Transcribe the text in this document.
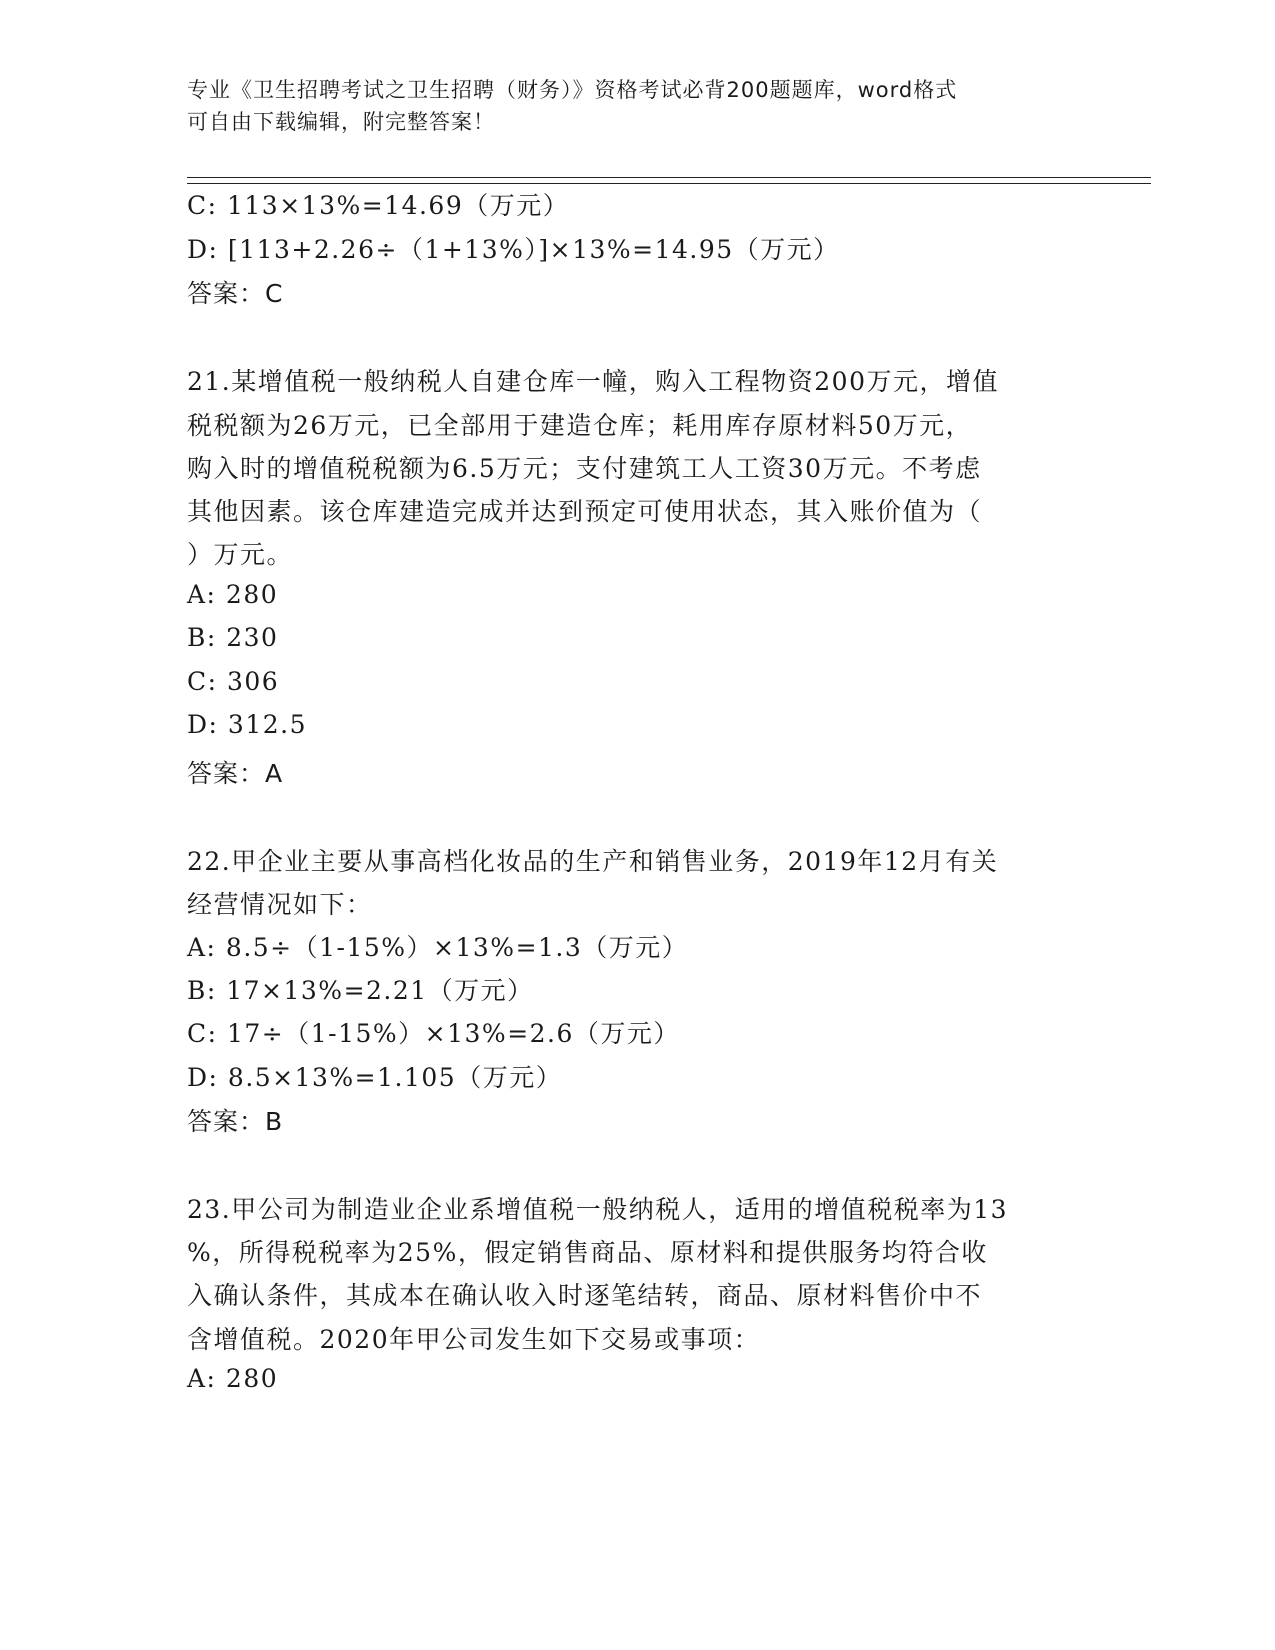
专业《卫生招聘考试之卫生招聘（财务）》资格考试必背200题题库，word格式
可自由下载编辑，附完整答案！
C: 113×13%=14.69（万元）
D: [113+2.26÷（1+13%）]×13%=14.95（万元）
答案：C
21.某增值税一般纳税人自建仓库一幢，购入工程物资200万元，增值
税税额为26万元，已全部用于建造仓库；耗用库存原材料50万元，
购入时的增值税税额为6.5万元；支付建筑工人工资30万元。不考虑
其他因素。该仓库建造完成并达到预定可使用状态，其入账价值为（
）万元。
A: 280
B: 230
C: 306
D: 312.5
答案：A
22.甲企业主要从事高档化妆品的生产和销售业务，2019年12月有关
经营情况如下：
A: 8.5÷（1-15%）×13%=1.3（万元）
B: 17×13%=2.21（万元）
C: 17÷（1-15%）×13%=2.6（万元）
D: 8.5×13%=1.105（万元）
答案：B
23.甲公司为制造业企业系增值税一般纳税人，适用的增值税税率为13
%，所得税税率为25%，假定销售商品、原材料和提供服务均符合收
入确认条件，其成本在确认收入时逐笔结转，商品、原材料售价中不
含增值税。2020年甲公司发生如下交易或事项：
A: 280
